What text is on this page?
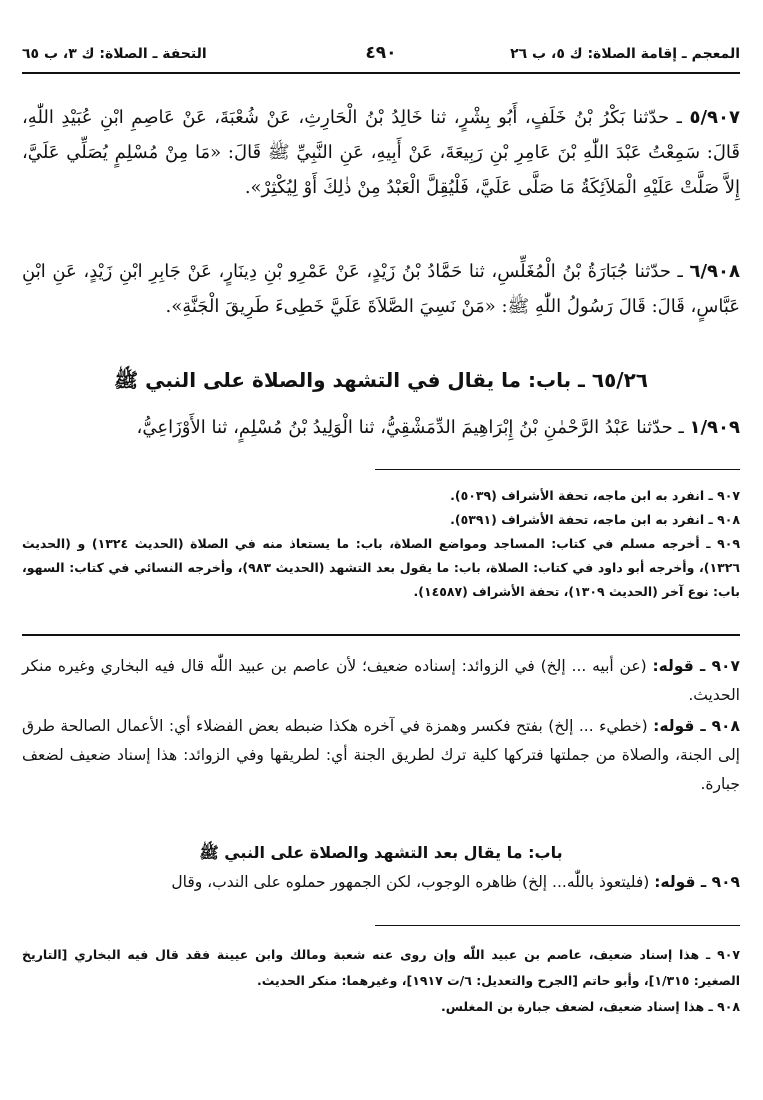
المعجم ـ إقامة الصلاة: ك ٥، ب ٢٦
٤٩٠
التحفة ـ الصلاة: ك ٣، ب ٦٥
٥/٩٠٧ ـ حدّثنا بَكْرُ بْنُ خَلَفٍ، أَبُو بِشْرٍ، ثنا خَالِدُ بْنُ الْحَارِثِ، عَنْ شُعْبَةَ، عَنْ عَاصِمِ ابْنِ عُبَيْدِ اللّٰهِ، قَالَ: سَمِعْتُ عَبْدَ اللّٰهِ بْنَ عَامِرِ بْنِ رَبِيعَةَ، عَنْ أَبِيهِ، عَنِ النَّبِيِّ ﷺ قَالَ: «مَا مِنْ مُسْلِمٍ يُصَلِّي عَلَيَّ، إِلاَّ صَلَّتْ عَلَيْهِ الْمَلاَئِكَةُ مَا صَلَّى عَلَيَّ، فَلْيُقِلَّ الْعَبْدُ مِنْ ذٰلِكَ أَوْ لِيُكْثِرْ».
٦/٩٠٨ ـ حدّثنا جُبَارَةُ بْنُ الْمُغَلِّسِ، ثنا حَمَّادُ بْنُ زَيْدٍ، عَنْ عَمْرِو بْنِ دِينَارٍ، عَنْ جَابِرِ ابْنِ زَيْدٍ، عَنِ ابْنِ عَبَّاسٍ، قَالَ: قَالَ رَسُولُ اللّٰهِ ﷺ: «مَنْ نَسِيَ الصَّلاَةَ عَلَيَّ خَطِىءَ طَرِيقَ الْجَنَّةِ».
٦٥/٢٦ ـ باب: ما يقال في التشهد والصلاة على النبي ﷺ
١/٩٠٩ ـ حدّثنا عَبْدُ الرَّحْمٰنِ بْنُ إِبْرَاهِيمَ الدِّمَشْقِيُّ، ثنا الْوَلِيدُ بْنُ مُسْلِمٍ، ثنا الأَوْزَاعِيُّ،

٩٠٧ ـ انفرد به ابن ماجه، تحفة الأشراف (٥٠٣٩).

٩٠٨ ـ انفرد به ابن ماجه، تحفة الأشراف (٥٣٩١).

٩٠٩ ـ أخرجه مسلم في كتاب: المساجد ومواضع الصلاة، باب: ما يستعاذ منه في الصلاة (الحديث ١٣٢٤) و (الحديث ١٣٢٦)، وأخرجه أبو داود في كتاب: الصلاة، باب: ما يقول بعد التشهد (الحديث ٩٨٣)، وأخرجه النسائي في كتاب: السهو، باب: نوع آخر (الحديث ١٣٠٩)، تحفة الأشراف (١٤٥٨٧).

٩٠٧ ـ قوله: (عن أبيه ... إلخ) في الزوائد: إسناده ضعيف؛ لأن عاصم بن عبيد اللّٰه قال فيه البخاري وغيره منكر الحديث.

٩٠٨ ـ قوله: (خطيء ... إلخ) بفتح فكسر وهمزة في آخره هكذا ضبطه بعض الفضلاء أي: الأعمال الصالحة طرق إلى الجنة، والصلاة من جملتها فتركها كلية ترك لطريق الجنة أي: لطريقها وفي الزوائد: هذا إسناد ضعيف لضعف جبارة.

باب: ما يقال بعد التشهد والصلاة على النبي ﷺ
٩٠٩ ـ قوله: (فليتعوذ باللّٰه... إلخ) ظاهره الوجوب، لكن الجمهور حملوه على الندب، وقال

٩٠٧ ـ هذا إسناد ضعيف، عاصم بن عبيد اللّٰه وإن روى عنه شعبة ومالك وابن عيينة فقد قال فيه البخاري [التاريخ الصغير: ١/٣١٥]، وأبو حاتم [الجرح والتعديل: ٦/ت ١٩١٧]، وغيرهما: منكر الحديث.

٩٠٨ ـ هذا إسناد ضعيف، لضعف جبارة بن المغلس.
